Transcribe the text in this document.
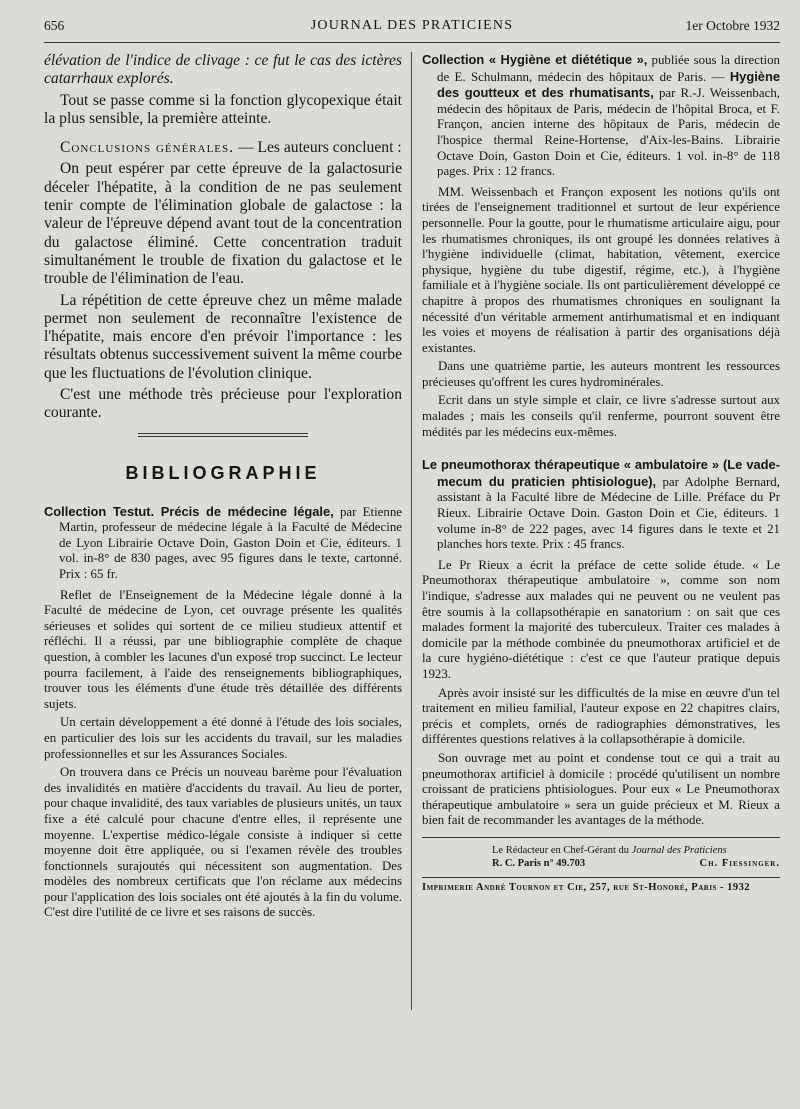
656	JOURNAL DES PRATICIENS	1er Octobre 1932

élévation de l'indice de clivage : ce fut le cas des ictères catarrhaux explorés.

Tout se passe comme si la fonction glycopexique était la plus sensible, la première atteinte.

Conclusions générales. — Les auteurs concluent :

On peut espérer par cette épreuve de la galactosurie déceler l'hépatite, à la condition de ne pas seulement tenir compte de l'élimination globale de galactose : la valeur de l'épreuve dépend avant tout de la concentration du galactose éliminé. Cette concentration traduit simultanément le trouble de fixation du galactose et le trouble de l'élimination de l'eau.

La répétition de cette épreuve chez un même malade permet non seulement de reconnaître l'existence de l'hépatite, mais encore d'en prévoir l'importance : les résultats obtenus successivement suivent la même courbe que les fluctuations de l'évolution clinique.

C'est une méthode très précieuse pour l'exploration courante.

BIBLIOGRAPHIE

Collection Testut. Précis de médecine légale, par Etienne Martin, professeur de médecine légale à la Faculté de Médecine de Lyon Librairie Octave Doin, Gaston Doin et Cie, éditeurs. 1 vol. in-8° de 830 pages, avec 95 figures dans le texte, cartonné. Prix : 65 fr.

Reflet de l'Enseignement de la Médecine légale donné à la Faculté de médecine de Lyon, cet ouvrage présente les qualités sérieuses et solides qui sortent de ce milieu studieux attentif et réfléchi. Il a réussi, par une bibliographie complète de chaque question, à combler les lacunes d'un exposé trop succinct. Le lecteur pourra facilement, à l'aide des renseignements bibliographiques, trouver tous les éléments d'une étude très détaillée des différents sujets.

Un certain développement a été donné à l'étude des lois sociales, en particulier des lois sur les accidents du travail, sur les maladies professionnelles et sur les Assurances Sociales.

On trouvera dans ce Précis un nouveau barème pour l'évaluation des invalidités en matière d'accidents du travail. Au lieu de porter, pour chaque invalidité, des taux variables de plusieurs unités, un taux fixe a été calculé pour chacune d'entre elles, il représente une moyenne. L'expertise médico-légale consiste à indiquer si cette moyenne doit être appliquée, ou si l'examen révèle des troubles fonctionnels surajoutés qui nécessitent son augmentation. Des modèles des nombreux certificats que l'on réclame aux médecins pour l'application des lois sociales ont été ajoutés à la fin du volume. C'est dire l'utilité de ce livre et ses raisons de succès.

Collection « Hygiène et diététique », publiée sous la direction de E. Schulmann, médecin des hôpitaux de Paris. — Hygiène des goutteux et des rhumatisants, par R.-J. Weissenbach, médecin des hôpitaux de Paris, médecin de l'hôpital Broca, et F. Françon, ancien interne des hôpitaux de Paris, médecin de l'hospice thermal Reine-Hortense, d'Aix-les-Bains. Librairie Octave Doin, Gaston Doin et Cie, éditeurs. 1 vol. in-8° de 118 pages. Prix : 12 francs.

MM. Weissenbach et Françon exposent les notions qu'ils ont tirées de l'enseignement traditionnel et surtout de leur expérience personnelle. Pour la goutte, pour le rhumatisme articulaire aigu, pour les rhumatismes chroniques, ils ont groupé les données relatives à l'hygiène individuelle (climat, habitation, vêtement, exercice physique, hygiène du tube digestif, régime, etc.), à l'hygiène familiale et à l'hygiène sociale. Ils ont particulièrement développé ce chapitre à propos des rhumatismes chroniques en soulignant la nécessité d'un véritable armement antirhumatismal et en indiquant les voies et moyens de réalisation à partir des organisations déjà existantes.

Dans une quatrième partie, les auteurs montrent les ressources précieuses qu'offrent les cures hydrominérales.

Ecrit dans un style simple et clair, ce livre s'adresse surtout aux malades ; mais les conseils qu'il renferme, pourront souvent être médités par les médecins eux-mêmes.

Le pneumothorax thérapeutique « ambulatoire » (Le vade-mecum du praticien phtisiologue), par Adolphe Bernard, assistant à la Faculté libre de Médecine de Lille. Préface du Pr Rieux. Librairie Octave Doin. Gaston Doin et Cie, éditeurs. 1 volume in-8° de 222 pages, avec 14 figures dans le texte et 21 planches hors texte. Prix : 45 francs.

Le Pr Rieux a écrit la préface de cette solide étude. « Le Pneumothorax thérapeutique ambulatoire », comme son nom l'indique, s'adresse aux malades qui ne peuvent ou ne veulent pas être soumis à la collapsothérapie en sanatorium : on sait que ces malades forment la majorité des tuberculeux. Traiter ces malades à domicile par la méthode combinée du pneumothorax artificiel et de la cure hygiéno-diététique : c'est ce que l'auteur pratique depuis 1923.

Après avoir insisté sur les difficultés de la mise en œuvre d'un tel traitement en milieu familial, l'auteur expose en 22 chapitres clairs, précis et complets, ornés de radiographies démonstratives, les différentes questions relatives à la collapsothérapie à domicile.

Son ouvrage met au point et condense tout ce qui a trait au pneumothorax artificiel à domicile : procédé qu'utilisent un nombre croissant de praticiens phtisiologues. Pour eux « Le Pneumothorax thérapeutique ambulatoire » sera un guide précieux et M. Rieux a bien fait de recommander les avantages de la méthode.

Le Rédacteur en Chef-Gérant du Journal des Praticiens
R. C. Paris n° 49.703	Ch. Fiessinger.
Imprimerie André Tournon et Cie, 257, rue St-Honoré, Paris - 1932
